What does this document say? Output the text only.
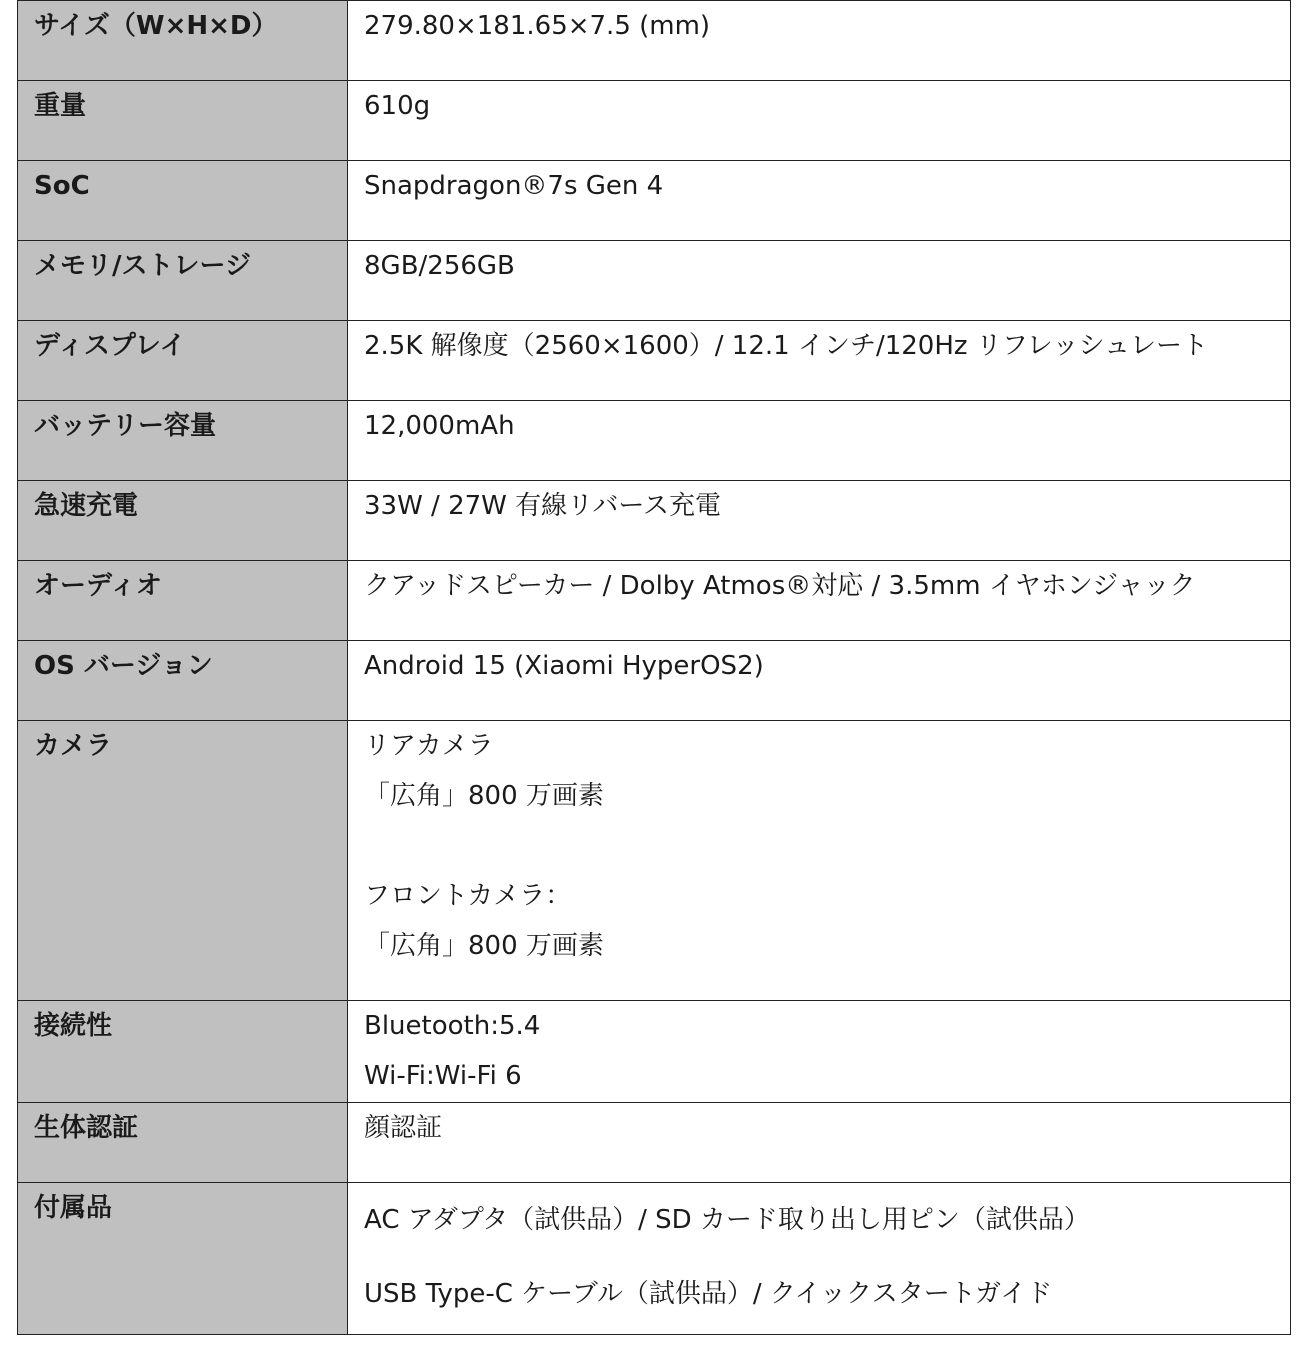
サイズ（W×H×D）	279.80×181.65×7.5 (mm)

重量	610g

SoC	Snapdragon®7s Gen 4

メモリ/ストレージ	8GB/256GB

ディスプレイ	2.5K 解像度（2560×1600）/ 12.1 インチ/120Hz リフレッシュレート

バッテリー容量	12,000mAh

急速充電	33W / 27W 有線リバース充電

オーディオ	クアッドスピーカー / Dolby Atmos®対応 / 3.5mm イヤホンジャック

OS バージョン	Android 15 (Xiaomi HyperOS2)

カメラ	リアカメラ
「広角」800 万画素
フロントカメラ：
「広角」800 万画素

接続性	Bluetooth:5.4
Wi-Fi:Wi-Fi 6

生体認証	顔認証

付属品	AC アダプタ（試供品）/ SD カード取り出し用ピン（試供品）
USB Type-C ケーブル（試供品）/ クイックスタートガイド
